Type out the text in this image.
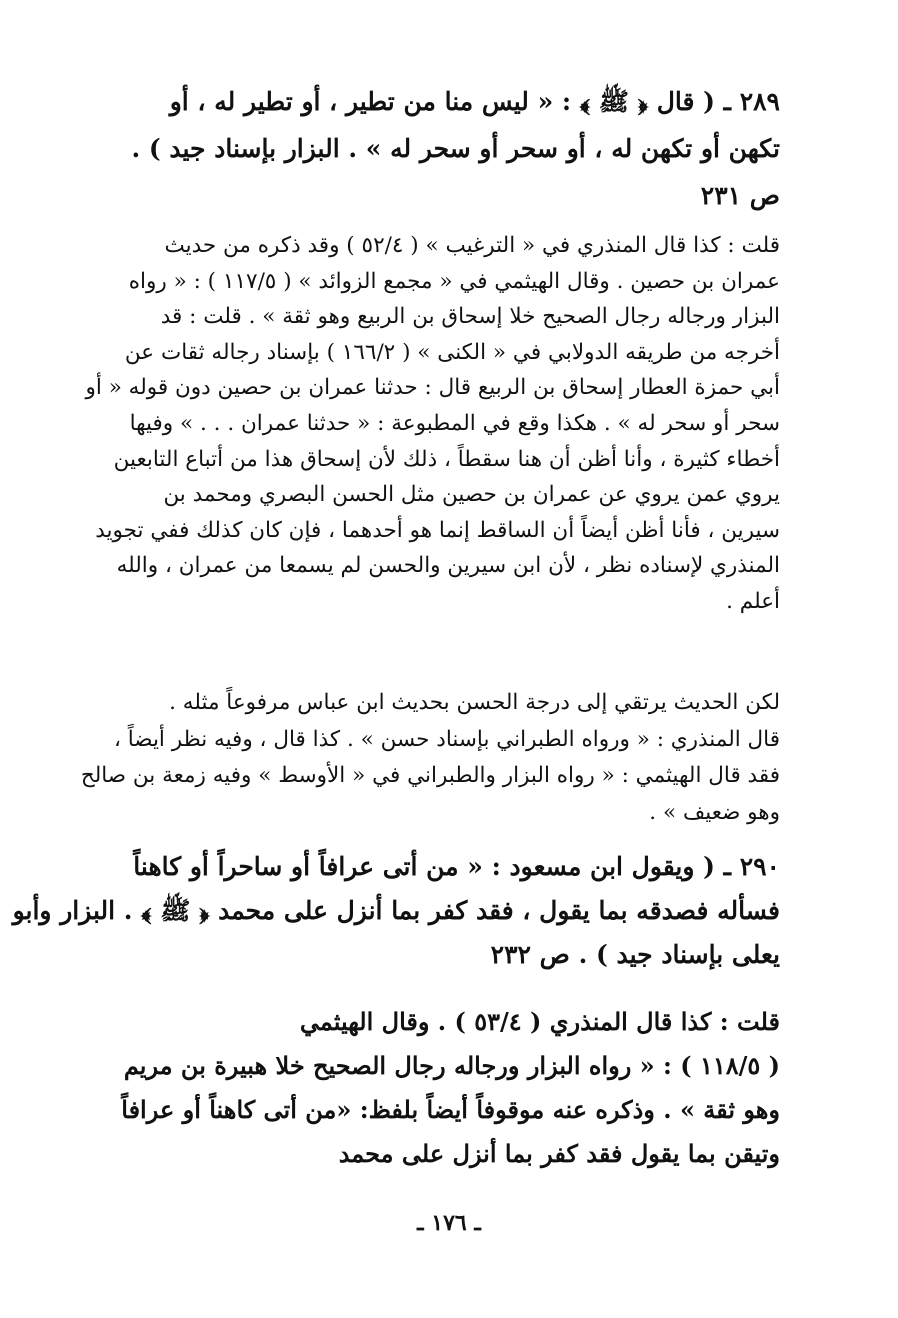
٢٨٩ ـ ( قال ﴿ ﷺ ﴾ : « ليس منا من تطير ، أو تطير له ، أو
تكهن أو تكهن له ، أو سحر أو سحر له » . البزار بإسناد جيد ) .
ص ٢٣١
قلت : كذا قال المنذري في « الترغيب » ( ٥٢/٤ ) وقد ذكره من حديث
عمران بن حصين . وقال الهيثمي في « مجمع الزوائد » ( ١١٧/٥ ) : « رواه
البزار ورجاله رجال الصحيح خلا إسحاق بن الربيع وهو ثقة » . قلت : قد
أخرجه من طريقه الدولابي في « الكنى » ( ١٦٦/٢ ) بإسناد رجاله ثقات عن
أبي حمزة العطار إسحاق بن الربيع قال : حدثنا عمران بن حصين دون قوله « أو
سحر أو سحر له » . هكذا وقع في المطبوعة : « حدثنا عمران . . . » وفيها
أخطاء كثيرة ، وأنا أظن أن هنا سقطاً ، ذلك لأن إسحاق هذا من أتباع التابعين
يروي عمن يروي عن عمران بن حصين مثل الحسن البصري ومحمد بن
سيرين ، فأنا أظن أيضاً أن الساقط إنما هو أحدهما ، فإن كان كذلك ففي تجويد
المنذري لإسناده نظر ، لأن ابن سيرين والحسن لم يسمعا من عمران ، والله
أعلم .
لكن الحديث يرتقي إلى درجة الحسن بحديث ابن عباس مرفوعاً مثله .
قال المنذري : « ورواه الطبراني بإسناد حسن » . كذا قال ، وفيه نظر أيضاً ،
فقد قال الهيثمي : « رواه البزار والطبراني في « الأوسط » وفيه زمعة بن صالح
وهو ضعيف » .
٢٩٠ ـ ( ويقول ابن مسعود : « من أتى عرافاً أو ساحراً أو كاهناً
فسأله فصدقه بما يقول ، فقد كفر بما أنزل على محمد ﴿ ﷺ ﴾ . البزار وأبو
يعلى بإسناد جيد ) . ص ٢٣٢
قلت : كذا قال المنذري ( ٥٣/٤ ) . وقال الهيثمي
( ١١٨/٥ ) : « رواه البزار ورجاله رجال الصحيح خلا هبيرة بن مريم
وهو ثقة » . وذكره عنه موقوفاً أيضاً بلفظ: «من أتى كاهناً أو عرافاً
وتيقن بما يقول فقد كفر بما أنزل على محمد
ـ ١٧٦ ـ
